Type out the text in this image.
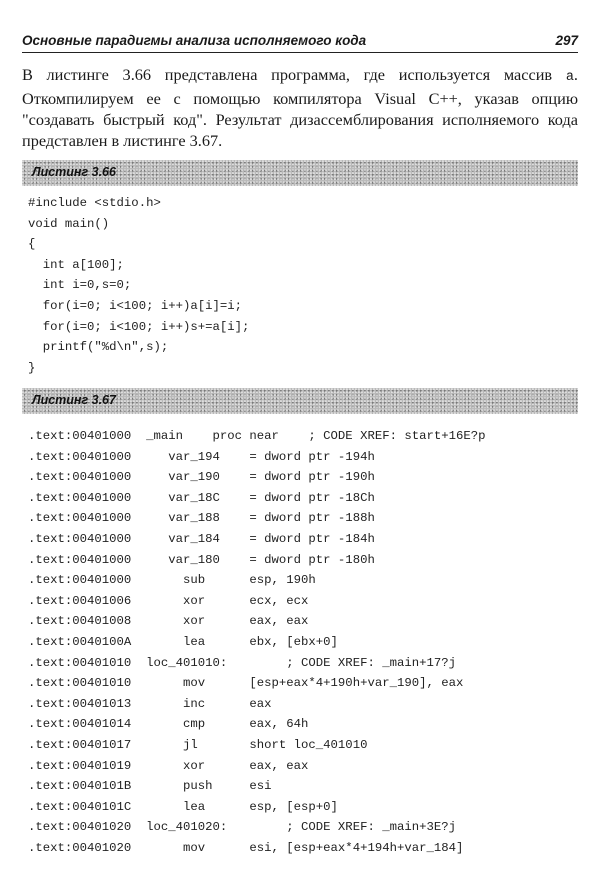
Основные парадигмы анализа исполняемого кода	297
В листинге 3.66 представлена программа, где используется массив a. Откомпилируем ее с помощью компилятора Visual C++, указав опцию "создавать быстрый код". Результат дизассемблирования исполняемого кода представлен в листинге 3.67.
Листинг 3.66
#include <stdio.h>
void main()
{
int a[100];
int i=0,s=0;
for(i=0; i<100; i++)a[i]=i;
for(i=0; i<100; i++)s+=a[i];
printf("%d\n",s);
}
Листинг 3.67
.text:00401000  _main    proc near    ; CODE XREF: start+16E?p
.text:00401000     var_194    = dword ptr -194h
.text:00401000     var_190    = dword ptr -190h
.text:00401000     var_18C    = dword ptr -18Ch
.text:00401000     var_188    = dword ptr -188h
.text:00401000     var_184    = dword ptr -184h
.text:00401000     var_180    = dword ptr -180h
.text:00401000       sub      esp, 190h
.text:00401006       xor      ecx, ecx
.text:00401008       xor      eax, eax
.text:0040100A       lea      ebx, [ebx+0]
.text:00401010  loc_401010:        ; CODE XREF: _main+17?j
.text:00401010       mov      [esp+eax*4+190h+var_190], eax
.text:00401013       inc      eax
.text:00401014       cmp      eax, 64h
.text:00401017       jl       short loc_401010
.text:00401019       xor      eax, eax
.text:0040101B       push     esi
.text:0040101C       lea      esp, [esp+0]
.text:00401020  loc_401020:        ; CODE XREF: _main+3E?j
.text:00401020       mov      esi, [esp+eax*4+194h+var_184]
